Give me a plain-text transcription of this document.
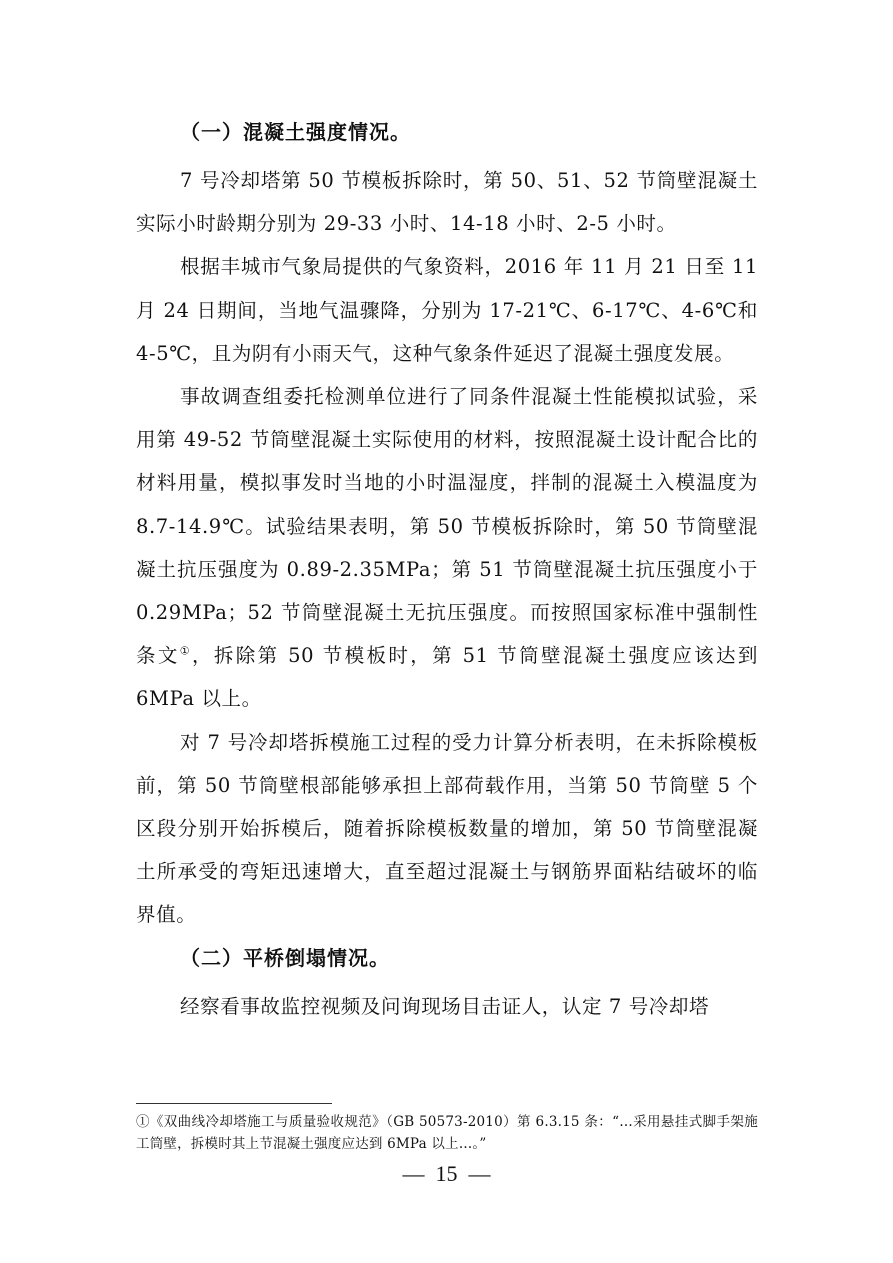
（一）混凝土强度情况。

7 号冷却塔第 50 节模板拆除时，第 50、51、52 节筒壁混凝土实际小时龄期分别为 29-33 小时、14-18 小时、2-5 小时。

根据丰城市气象局提供的气象资料，2016 年 11 月 21 日至 11 月 24 日期间，当地气温骤降，分别为 17-21℃、6-17℃、4-6℃和 4-5℃，且为阴有小雨天气，这种气象条件延迟了混凝土强度发展。

事故调查组委托检测单位进行了同条件混凝土性能模拟试验，采用第 49-52 节筒壁混凝土实际使用的材料，按照混凝土设计配合比的材料用量，模拟事发时当地的小时温湿度，拌制的混凝土入模温度为 8.7-14.9℃。试验结果表明，第 50 节模板拆除时，第 50 节筒壁混凝土抗压强度为 0.89-2.35MPa；第 51 节筒壁混凝土抗压强度小于 0.29MPa；52 节筒壁混凝土无抗压强度。而按照国家标准中强制性条文①，拆除第 50 节模板时，第 51 节筒壁混凝土强度应该达到 6MPa 以上。

对 7 号冷却塔拆模施工过程的受力计算分析表明，在未拆除模板前，第 50 节筒壁根部能够承担上部荷载作用，当第 50 节筒壁 5 个区段分别开始拆模后，随着拆除模板数量的增加，第 50 节筒壁混凝土所承受的弯矩迅速增大，直至超过混凝土与钢筋界面粘结破坏的临界值。

（二）平桥倒塌情况。

经察看事故监控视频及问询现场目击证人，认定 7 号冷却塔

①《双曲线冷却塔施工与质量验收规范》（GB 50573-2010）第 6.3.15 条：“…采用悬挂式脚手架施工筒壁，拆模时其上节混凝土强度应达到 6MPa 以上…。”

—  15  —
